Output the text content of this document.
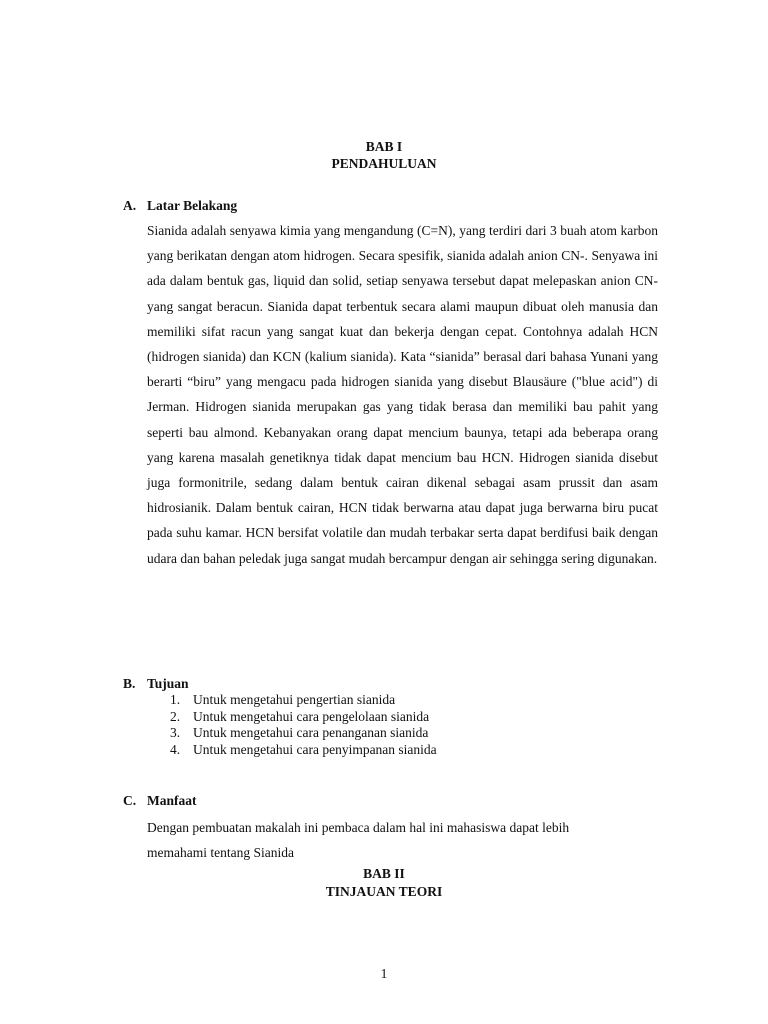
BAB I
PENDAHULUAN
A. Latar Belakang

Sianida adalah senyawa kimia yang mengandung (C=N), yang terdiri dari 3 buah atom karbon yang berikatan dengan atom hidrogen. Secara spesifik, sianida adalah anion CN-. Senyawa ini ada dalam bentuk gas, liquid dan solid, setiap senyawa tersebut dapat melepaskan anion CN- yang sangat beracun. Sianida dapat terbentuk secara alami maupun dibuat oleh manusia dan memiliki sifat racun yang sangat kuat dan bekerja dengan cepat. Contohnya adalah HCN (hidrogen sianida) dan KCN (kalium sianida). Kata “sianida” berasal dari bahasa Yunani yang berarti “biru” yang mengacu pada hidrogen sianida yang disebut Blausäure ("blue acid") di Jerman. Hidrogen sianida merupakan gas yang tidak berasa dan memiliki bau pahit yang seperti bau almond. Kebanyakan orang dapat mencium baunya, tetapi ada beberapa orang yang karena masalah genetiknya tidak dapat mencium bau HCN. Hidrogen sianida disebut juga formonitrile, sedang dalam bentuk cairan dikenal sebagai asam prussit dan asam hidrosianik. Dalam bentuk cairan, HCN tidak berwarna atau dapat juga berwarna biru pucat pada suhu kamar. HCN bersifat volatile dan mudah terbakar serta dapat berdifusi baik dengan udara dan bahan peledak juga sangat mudah bercampur dengan air sehingga sering digunakan.

B. Tujuan
1. Untuk mengetahui pengertian sianida
2. Untuk mengetahui cara pengelolaan sianida
3. Untuk mengetahui cara penanganan sianida
4. Untuk mengetahui cara penyimpanan sianida
C. Manfaat

Dengan pembuatan makalah ini pembaca dalam hal ini mahasiswa dapat lebih
memahami tentang Sianida

BAB II
TINJAUAN TEORI
1
